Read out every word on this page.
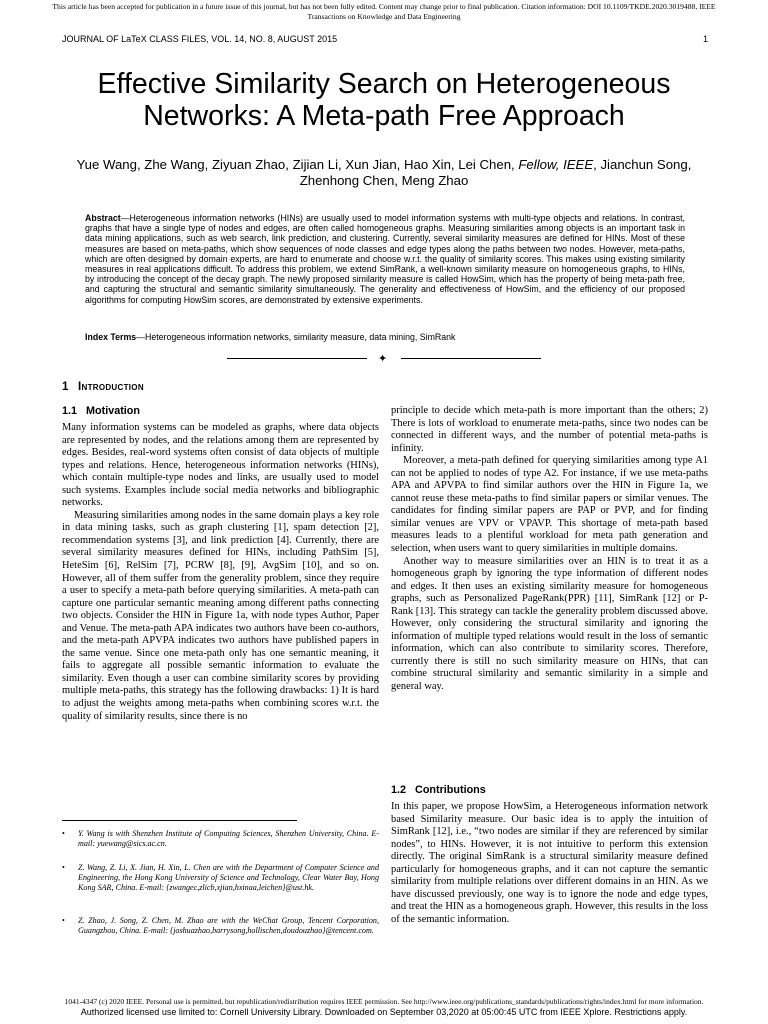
This article has been accepted for publication in a future issue of this journal, but has not been fully edited. Content may change prior to final publication. Citation information: DOI 10.1109/TKDE.2020.3019488, IEEE
Transactions on Knowledge and Data Engineering
JOURNAL OF LaTeX CLASS FILES, VOL. 14, NO. 8, AUGUST 2015	1
Effective Similarity Search on Heterogeneous
Networks: A Meta-path Free Approach
Yue Wang, Zhe Wang, Ziyuan Zhao, Zijian Li, Xun Jian, Hao Xin, Lei Chen, Fellow, IEEE, Jianchun Song,
Zhenhong Chen, Meng Zhao
Abstract—Heterogeneous information networks (HINs) are usually used to model information systems with multi-type objects and relations. In contrast, graphs that have a single type of nodes and edges, are often called homogeneous graphs. Measuring similarities among objects is an important task in data mining applications, such as web search, link prediction, and clustering. Currently, several similarity measures are defined for HINs. Most of these measures are based on meta-paths, which show sequences of node classes and edge types along the paths between two nodes. However, meta-paths, which are often designed by domain experts, are hard to enumerate and choose w.r.t. the quality of similarity scores. This makes using existing similarity measures in real applications difficult. To address this problem, we extend SimRank, a well-known similarity measure on homogeneous graphs, to HINs, by introducing the concept of the decay graph. The newly proposed similarity measure is called HowSim, which has the property of being meta-path free, and capturing the structural and semantic similarity simultaneously. The generality and effectiveness of HowSim, and the efficiency of our proposed algorithms for computing HowSim scores, are demonstrated by extensive experiments.
Index Terms—Heterogeneous information networks, similarity measure, data mining, SimRank
✦
1 Introduction
1.1 Motivation

Many information systems can be modeled as graphs, where data objects are represented by nodes, and the relations among them are represented by edges. Besides, real-word systems often consist of data objects of multiple types and relations. Hence, heterogeneous information networks (HINs), which contain multiple-type nodes and links, are usually used to model such systems. Examples include social media networks and bibliographic networks.

Measuring similarities among nodes in the same domain plays a key role in data mining tasks, such as graph clustering [1], spam detection [2], recommendation systems [3], and link prediction [4]. Currently, there are several similarity measures defined for HINs, including PathSim [5], HeteSim [6], RelSim [7], PCRW [8], [9], AvgSim [10], and so on. However, all of them suffer from the generality problem, since they require a user to specify a meta-path before querying similarities. A meta-path can capture one particular semantic meaning among different paths connecting two objects. Consider the HIN in Figure 1a, with node types Author, Paper and Venue. The meta-path APA indicates two authors have been co-authors, and the meta-path APVPA indicates two authors have published papers in the same venue. Since one meta-path only has one semantic meaning, it fails to aggregate all possible semantic information to evaluate the similarity. Even though a user can combine similarity scores by providing multiple meta-paths, this strategy has the following drawbacks: 1) It is hard to adjust the weights among meta-paths when combining scores w.r.t. the quality of similarity results, since there is no

principle to decide which meta-path is more important than the others; 2) There is lots of workload to enumerate meta-paths, since two nodes can be connected in different ways, and the number of potential meta-paths is infinity.

Moreover, a meta-path defined for querying similarities among type A1 can not be applied to nodes of type A2. For instance, if we use meta-paths APA and APVPA to find similar authors over the HIN in Figure 1a, we cannot reuse these meta-paths to find similar papers or similar venues. The candidates for finding similar papers are PAP or PVP, and for finding similar venues are VPV or VPAVP. This shortage of meta-path based measures leads to a plentiful workload for meta path generation and selection, when users want to query similarities in multiple domains.

Another way to measure similarities over an HIN is to treat it as a homogeneous graph by ignoring the type information of different nodes and edges. It then uses an existing similarity measure for homogeneous graphs, such as Personalized PageRank(PPR) [11], SimRank [12] or P-Rank [13]. This strategy can tackle the generality problem discussed above. However, only considering the structural similarity and ignoring the information of multiple typed relations would result in the loss of semantic information, which can also contribute to similarity scores. Therefore, currently there is still no such similarity measure on HINs, that can combine structural similarity and semantic similarity in a simple and general way.

1.2 Contributions

In this paper, we propose HowSim, a Heterogeneous information network based Similarity measure. Our basic idea is to apply the intuition of SimRank [12], i.e., “two nodes are similar if they are referenced by similar nodes”, to HINs. However, it is not intuitive to perform this extension directly. The original SimRank is a structural similarity measure defined particularly for homogeneous graphs, and it can not capture the semantic similarity from multiple relations over different domains in an HIN. As we have discussed previously, one way is to ignore the node and edge types, and treat the HIN as a homogeneous graph. However, this results in the loss of the semantic information.

• Y. Wang is with Shenzhen Institute of Computing Sciences, Shenzhen University, China. E-mail: yuewang@sics.ac.cn.
• Z. Wang, Z. Li, X. Jian, H. Xin, L. Chen are with the Department of Computer Science and Engineering, the Hong Kong University of Science and Technology, Clear Water Bay, Hong Kong SAR, China. E-mail: {zwangec,zlicb,xjian,hxinaa,leichen}@ust.hk.
• Z. Zhao, J. Song, Z. Chen, M. Zhao are with the WeChat Group, Tencent Corporation, Guangzhou, China. E-mail: {joshuazhao,barrysong,hollischen,doudouzhao}@tencent.com.
1041-4347 (c) 2020 IEEE. Personal use is permitted, but republication/redistribution requires IEEE permission. See http://www.ieee.org/publications_standards/publications/rights/index.html for more information.
Authorized licensed use limited to: Cornell University Library. Downloaded on September 03,2020 at 05:00:45 UTC from IEEE Xplore. Restrictions apply.
